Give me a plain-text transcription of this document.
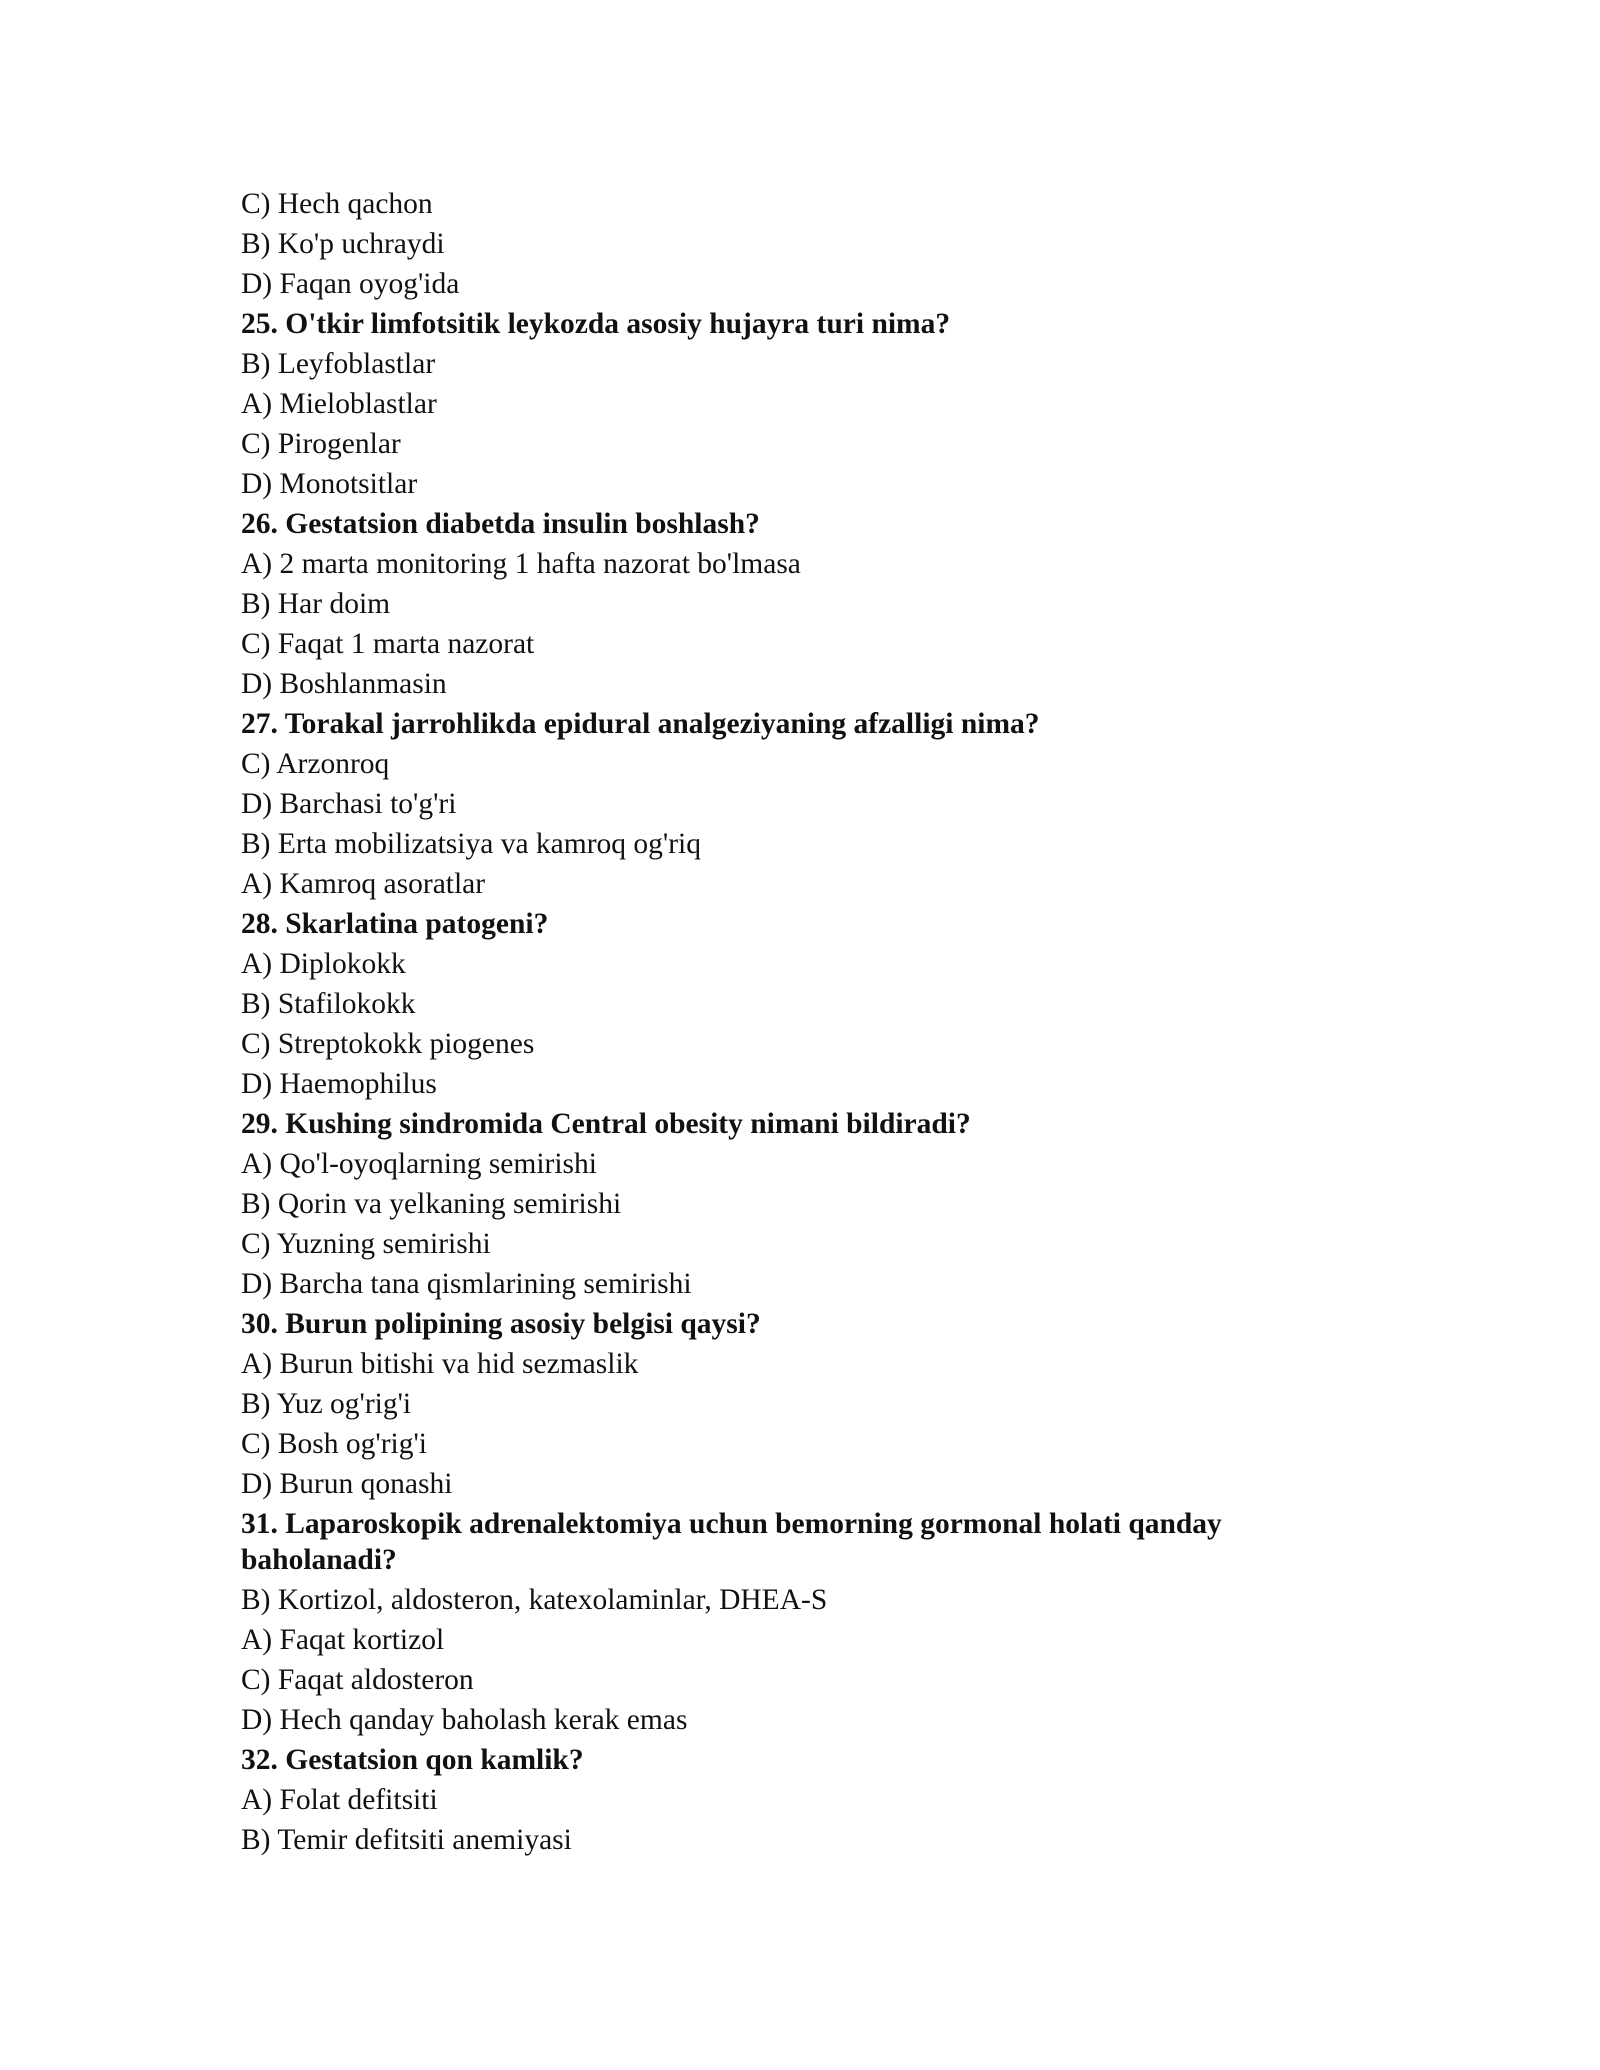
C) Hech qachon
B) Ko'p uchraydi
D) Faqan oyog'ida
25. O'tkir limfotsitik leykozda asosiy hujayra turi nima?
B) Leyfoblastlar
A) Mieloblastlar
C) Pirogenlar
D) Monotsitlar
26. Gestatsion diabetda insulin boshlash?
A) 2 marta monitoring 1 hafta nazorat bo'lmasa
B) Har doim
C) Faqat 1 marta nazorat
D) Boshlanmasin
27. Torakal jarrohlikda epidural analgeziyaning afzalligi nima?
C) Arzonroq
D) Barchasi to'g'ri
B) Erta mobilizatsiya va kamroq og'riq
A) Kamroq asoratlar
28. Skarlatina patogeni?
A) Diplokokk
B) Stafilokokk
C) Streptokokk piogenes
D) Haemophilus
29. Kushing sindromida Central obesity nimani bildiradi?
A) Qo'l-oyoqlarning semirishi
B) Qorin va yelkaning semirishi
C) Yuzning semirishi
D) Barcha tana qismlarining semirishi
30. Burun polipining asosiy belgisi qaysi?
A) Burun bitishi va hid sezmaslik
B) Yuz og'rig'i
C) Bosh og'rig'i
D) Burun qonashi
31. Laparoskopik adrenalektomiya uchun bemorning gormonal holati qanday baholanadi?
B) Kortizol, aldosteron, katexolaminlar, DHEA-S
A) Faqat kortizol
C) Faqat aldosteron
D) Hech qanday baholash kerak emas
32. Gestatsion qon kamlik?
A) Folat defitsiti
B) Temir defitsiti anemiyasi
